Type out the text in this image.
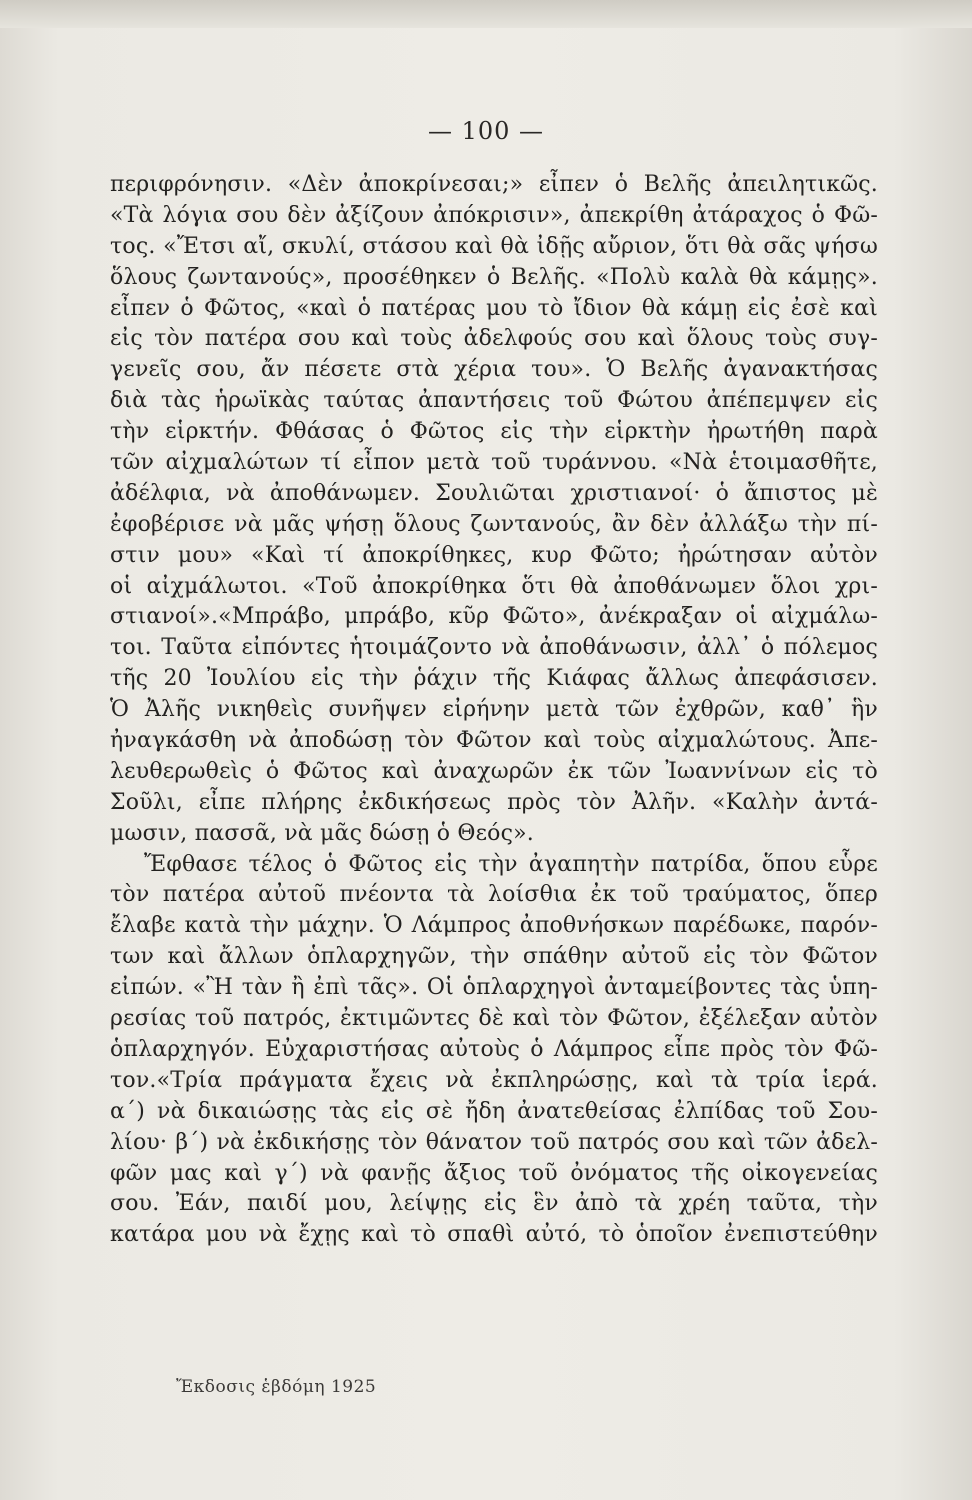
— 100 —
περιφρόνησιν. «Δὲν ἀποκρίνεσαι;» εἶπεν ὁ Βελῆς ἀπειλητικῶς.
«Τὰ λόγια σου δὲν ἀξίζουν ἀπόκρισιν», ἀπεκρίθη ἀτάραχος ὁ Φῶ-
τος. «Ἔτσι αἴ, σκυλί, στάσου καὶ θὰ ἰδῇς αὔριον, ὅτι θὰ σᾶς ψήσω
ὅλους ζωντανούς», προσέθηκεν ὁ Βελῆς. «Πολὺ καλὰ θὰ κάμῃς».
εἶπεν ὁ Φῶτος, «καὶ ὁ πατέρας μου τὸ ἴδιον θὰ κάμῃ εἰς ἐσὲ καὶ
εἰς τὸν πατέρα σου καὶ τοὺς ἀδελφούς σου καὶ ὅλους τοὺς συγ-
γενεῖς σου, ἄν πέσετε στὰ χέρια του». Ὁ Βελῆς ἀγανακτήσας
διὰ τὰς ἡρωϊκὰς ταύτας ἀπαντήσεις τοῦ Φώτου ἀπέπεμψεν εἰς
τὴν εἱρκτήν. Φθάσας ὁ Φῶτος εἰς τὴν εἱρκτὴν ἠρωτήθη παρὰ
τῶν αἰχμαλώτων τί εἶπον μετὰ τοῦ τυράννου. «Νὰ ἑτοιμασθῆτε,
ἀδέλφια, νὰ ἀποθάνωμεν. Σουλιῶται χριστιανοί· ὁ ἄπιστος μὲ
ἐφοβέρισε νὰ μᾶς ψήσῃ ὅλους ζωντανούς, ἂν δὲν ἀλλάξω τὴν πί-
στιν μου» «Καὶ τί ἀποκρίθηκες, κυρ Φῶτο; ἠρώτησαν αὐτὸν
οἱ αἰχμάλωτοι. «Τοῦ ἀποκρίθηκα ὅτι θὰ ἀποθάνωμεν ὅλοι χρι-
στιανοί».«Μπράβο, μπράβο, κῦρ Φῶτο», ἀνέκραξαν οἱ αἰχμάλω-
τοι. Ταῦτα εἰπόντες ἡτοιμάζοντο νὰ ἀποθάνωσιν, ἀλλ᾽ ὁ πόλεμος
τῆς 20 Ἰουλίου εἰς τὴν ῥάχιν τῆς Κιάφας ἄλλως ἀπεφάσισεν.
Ὁ Ἀλῆς νικηθεὶς συνῆψεν εἰρήνην μετὰ τῶν ἐχθρῶν, καθ᾽ ἣν
ἠναγκάσθη νὰ ἀποδώσῃ τὸν Φῶτον καὶ τοὺς αἰχμαλώτους. Ἀπε-
λευθερωθεὶς ὁ Φῶτος καὶ ἀναχωρῶν ἐκ τῶν Ἰωαννίνων εἰς τὸ
Σοῦλι, εἶπε πλήρης ἐκδικήσεως πρὸς τὸν Ἀλῆν. «Καλὴν ἀντά-
μωσιν, πασσᾶ, νὰ μᾶς δώσῃ ὁ Θεός».
Ἔφθασε τέλος ὁ Φῶτος εἰς τὴν ἀγαπητὴν πατρίδα, ὅπου εὗρε
τὸν πατέρα αὐτοῦ πνέοντα τὰ λοίσθια ἐκ τοῦ τραύματος, ὅπερ
ἔλαβε κατὰ τὴν μάχην. Ὁ Λάμπρος ἀποθνήσκων παρέδωκε, παρόν-
των καὶ ἄλλων ὁπλαρχηγῶν, τὴν σπάθην αὐτοῦ εἰς τὸν Φῶτον
εἰπών. «Ἢ τὰν ἢ ἐπὶ τᾶς». Οἱ ὁπλαρχηγοὶ ἀνταμείβοντες τὰς ὑπη-
ρεσίας τοῦ πατρός, ἐκτιμῶντες δὲ καὶ τὸν Φῶτον, ἐξέλεξαν αὐτὸν
ὁπλαρχηγόν. Εὐχαριστήσας αὐτοὺς ὁ Λάμπρος εἶπε πρὸς τὸν Φῶ-
τον.«Τρία πράγματα ἔχεις νὰ ἐκπληρώσῃς, καὶ τὰ τρία ἱερά.
α΄) νὰ δικαιώσῃς τὰς εἰς σὲ ἤδη ἀνατεθείσας ἐλπίδας τοῦ Σου-
λίου· β΄) νὰ ἐκδικήσῃς τὸν θάνατον τοῦ πατρός σου καὶ τῶν ἀδελ-
φῶν μας καὶ γ΄) νὰ φανῇς ἄξιος τοῦ ὀνόματος τῆς οἰκογενείας
σου. Ἐάν, παιδί μου, λείψῃς εἰς ἓν ἀπὸ τὰ χρέη ταῦτα, τὴν
κατάρα μου νὰ ἔχῃς καὶ τὸ σπαθὶ αὐτό, τὸ ὁποῖον ἐνεπιστεύθην
Ἔκδοσις ἑβδόμη 1925
